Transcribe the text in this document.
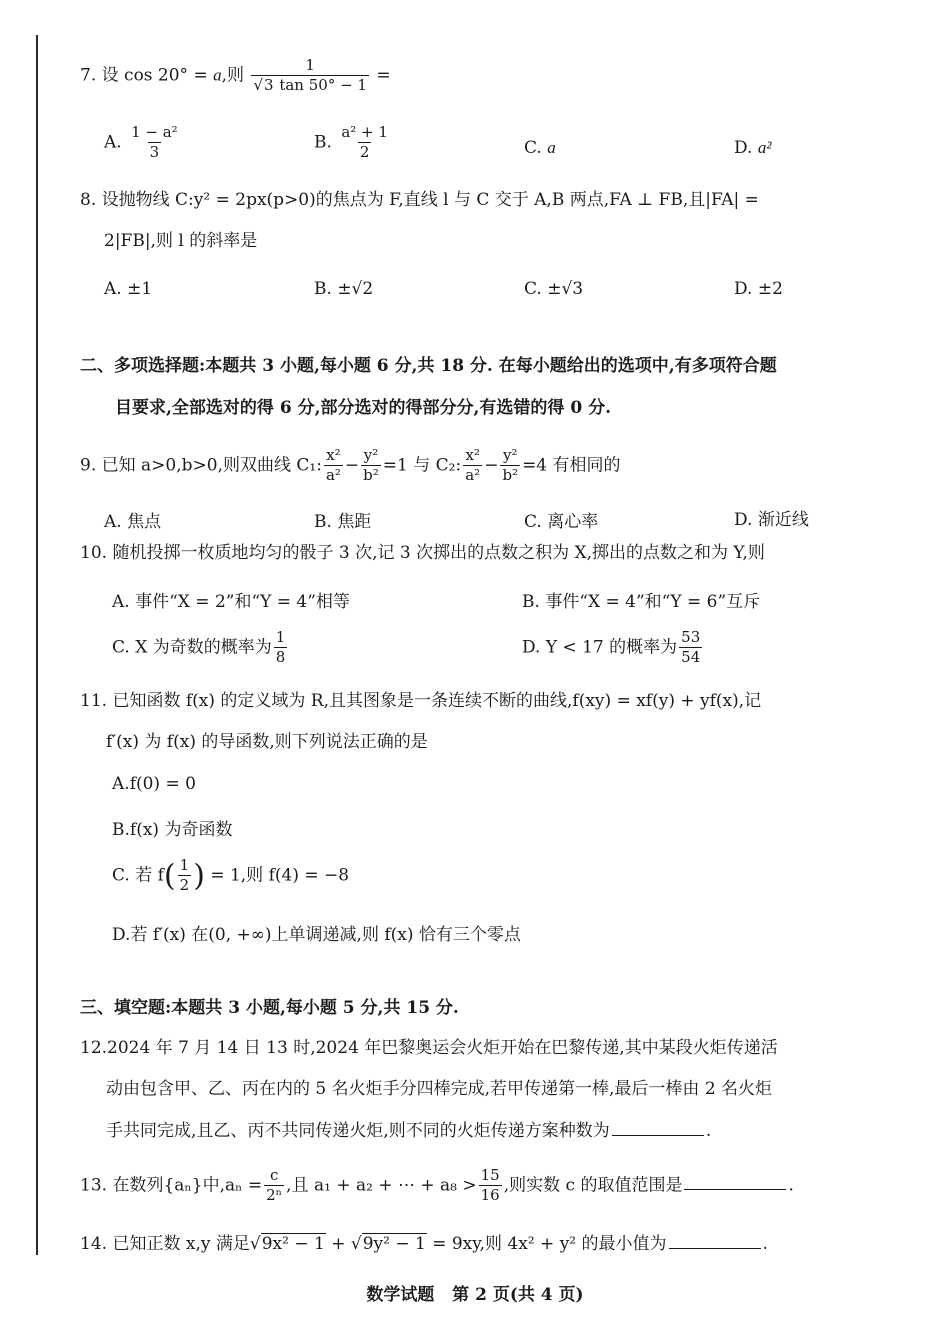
7. 设 cos 20° = a,则 $\frac{1}{√3 \tan 50^\circ - 1}$ =
A. $\frac{\text{1 − a²}}{3}$	B. $\frac{\text{a² + 1}}{2}$	C. a	D. a²
8. 设抛物线 C:y² = 2px(p>0)的焦点为 F,直线 l 与 C 交于 A,B 两点,FA ⊥ FB,且|FA| =
2|FB|,则 l 的斜率是
A. ±1	B. ±√2	C. ±√3	D. ±2
二、多项选择题:本题共 3 小题,每小题 6 分,共 18 分. 在每小题给出的选项中,有多项符合题
目要求,全部选对的得 6 分,部分选对的得部分分,有选错的得 0 分.
9. 已知 a>0,b>0,则双曲线 C₁: $\frac{\text{x²}}{\text{a²}} - \frac{\text{y²}}{\text{b²}} =1$ 与 C₂: $\frac{\text{x²}}{\text{a²}} - \frac{\text{y²}}{\text{b²}} =4$ 有相同的
A. 焦点	B. 焦距	C. 离心率	D. 渐近线
10. 随机投掷一枚质地均匀的骰子 3 次,记 3 次掷出的点数之积为 X,掷出的点数之和为 Y,则
A. 事件“X = 2”和“Y = 4”相等	B. 事件“X = 4”和“Y = 6”互斥
C. X 为奇数的概率为 $\frac{1}{8}$	D. Y < 17 的概率为 $\frac{53}{54}$
11. 已知函数 f(x) 的定义域为 R,且其图象是一条连续不断的曲线,f(xy) = xf(y) + yf(x),记
f′(x) 为 f(x) 的导函数,则下列说法正确的是
A.f(0) = 0
B.f(x) 为奇函数
C. 若 $f( \frac{1}{2}$ ) = 1,则 f(4) = −8
D.若 f′(x) 在(0, +∞)上单调递减,则 f(x) 恰有三个零点
三、填空题:本题共 3 小题,每小题 5 分,共 15 分.
12.2024 年 7 月 14 日 13 时,2024 年巴黎奥运会火炬开始在巴黎传递,其中某段火炬传递活
动由包含甲、乙、丙在内的 5 名火炬手分四棒完成,若甲传递第一棒,最后一棒由 2 名火炬
手共同完成,且乙、丙不共同传递火炬,则不同的火炬传递方案种数为	.
13. 在数列{aₙ}中$,a_n = \frac{c}{\text{2ⁿ}}$ ,且 a₁ + a₂ + ⋯ + $a_8 > \frac{15}{16}$ ,则实数 c 的取值范围是	.
14. 已知正数 x,y 满足√9x² − 1 + √9y² − 1 = 9xy,则 4x² + y² 的最小值为	.
数学试题 第 2 页(共 4 页)
